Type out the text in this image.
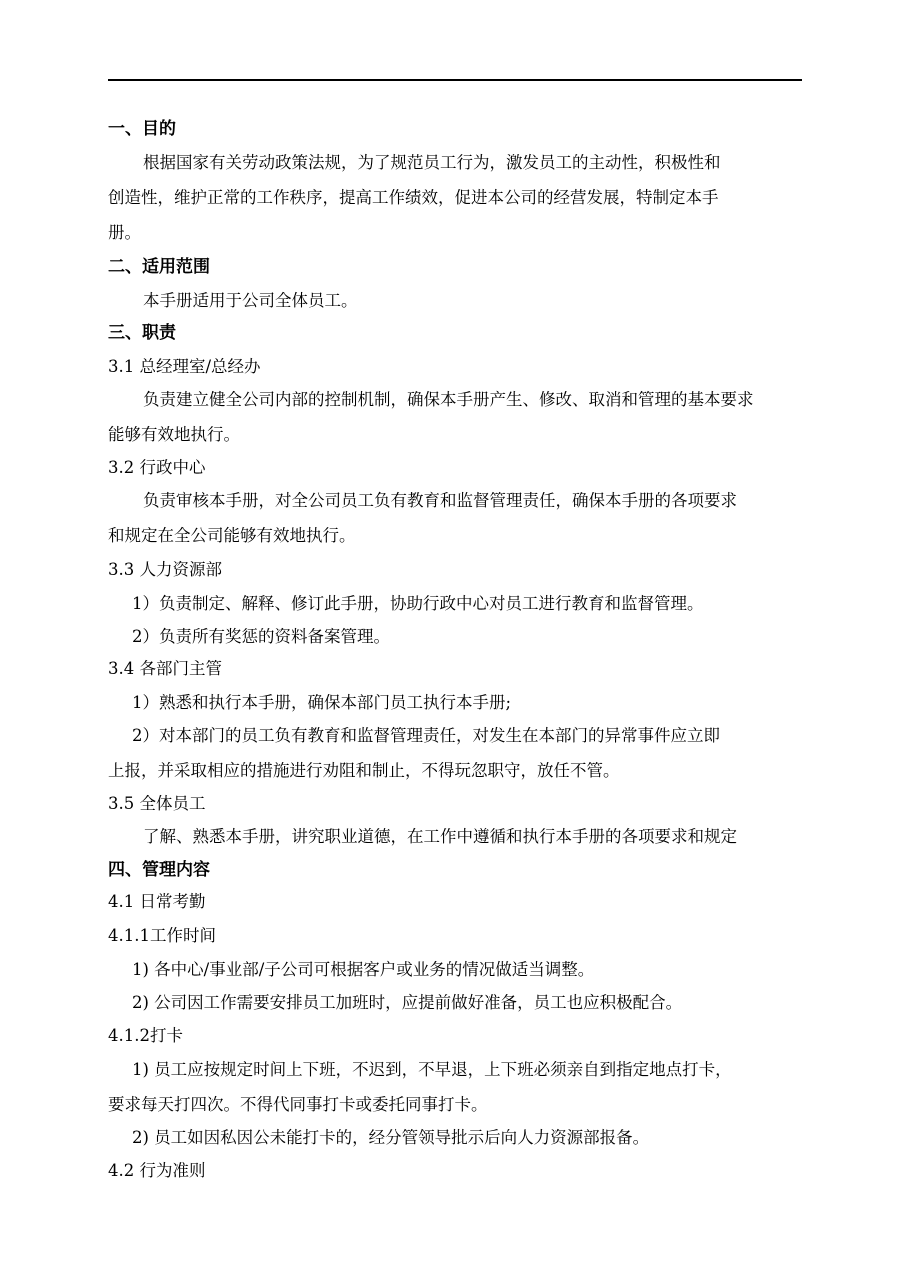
一、目的
根据国家有关劳动政策法规，为了规范员工行为，激发员工的主动性，积极性和
创造性，维护正常的工作秩序，提高工作绩效，促进本公司的经营发展，特制定本手
册。
二、适用范围
本手册适用于公司全体员工。
三、职责
3.1 总经理室/总经办
负责建立健全公司内部的控制机制，确保本手册产生、修改、取消和管理的基本要求
能够有效地执行。
3.2 行政中心
负责审核本手册，对全公司员工负有教育和监督管理责任，确保本手册的各项要求
和规定在全公司能够有效地执行。
3.3 人力资源部
1）负责制定、解释、修订此手册，协助行政中心对员工进行教育和监督管理。
2）负责所有奖惩的资料备案管理。
3.4 各部门主管
1）熟悉和执行本手册，确保本部门员工执行本手册;
2）对本部门的员工负有教育和监督管理责任，对发生在本部门的异常事件应立即
上报，并采取相应的措施进行劝阻和制止，不得玩忽职守，放任不管。
3.5 全体员工
了解、熟悉本手册，讲究职业道德，在工作中遵循和执行本手册的各项要求和规定
四、管理内容
4.1 日常考勤
4.1.1工作时间
1) 各中心/事业部/子公司可根据客户或业务的情况做适当调整。
2) 公司因工作需要安排员工加班时，应提前做好准备，员工也应积极配合。
4.1.2打卡
1) 员工应按规定时间上下班，不迟到，不早退，上下班必须亲自到指定地点打卡，
要求每天打四次。不得代同事打卡或委托同事打卡。
2) 员工如因私因公未能打卡的，经分管领导批示后向人力资源部报备。
4.2 行为准则
